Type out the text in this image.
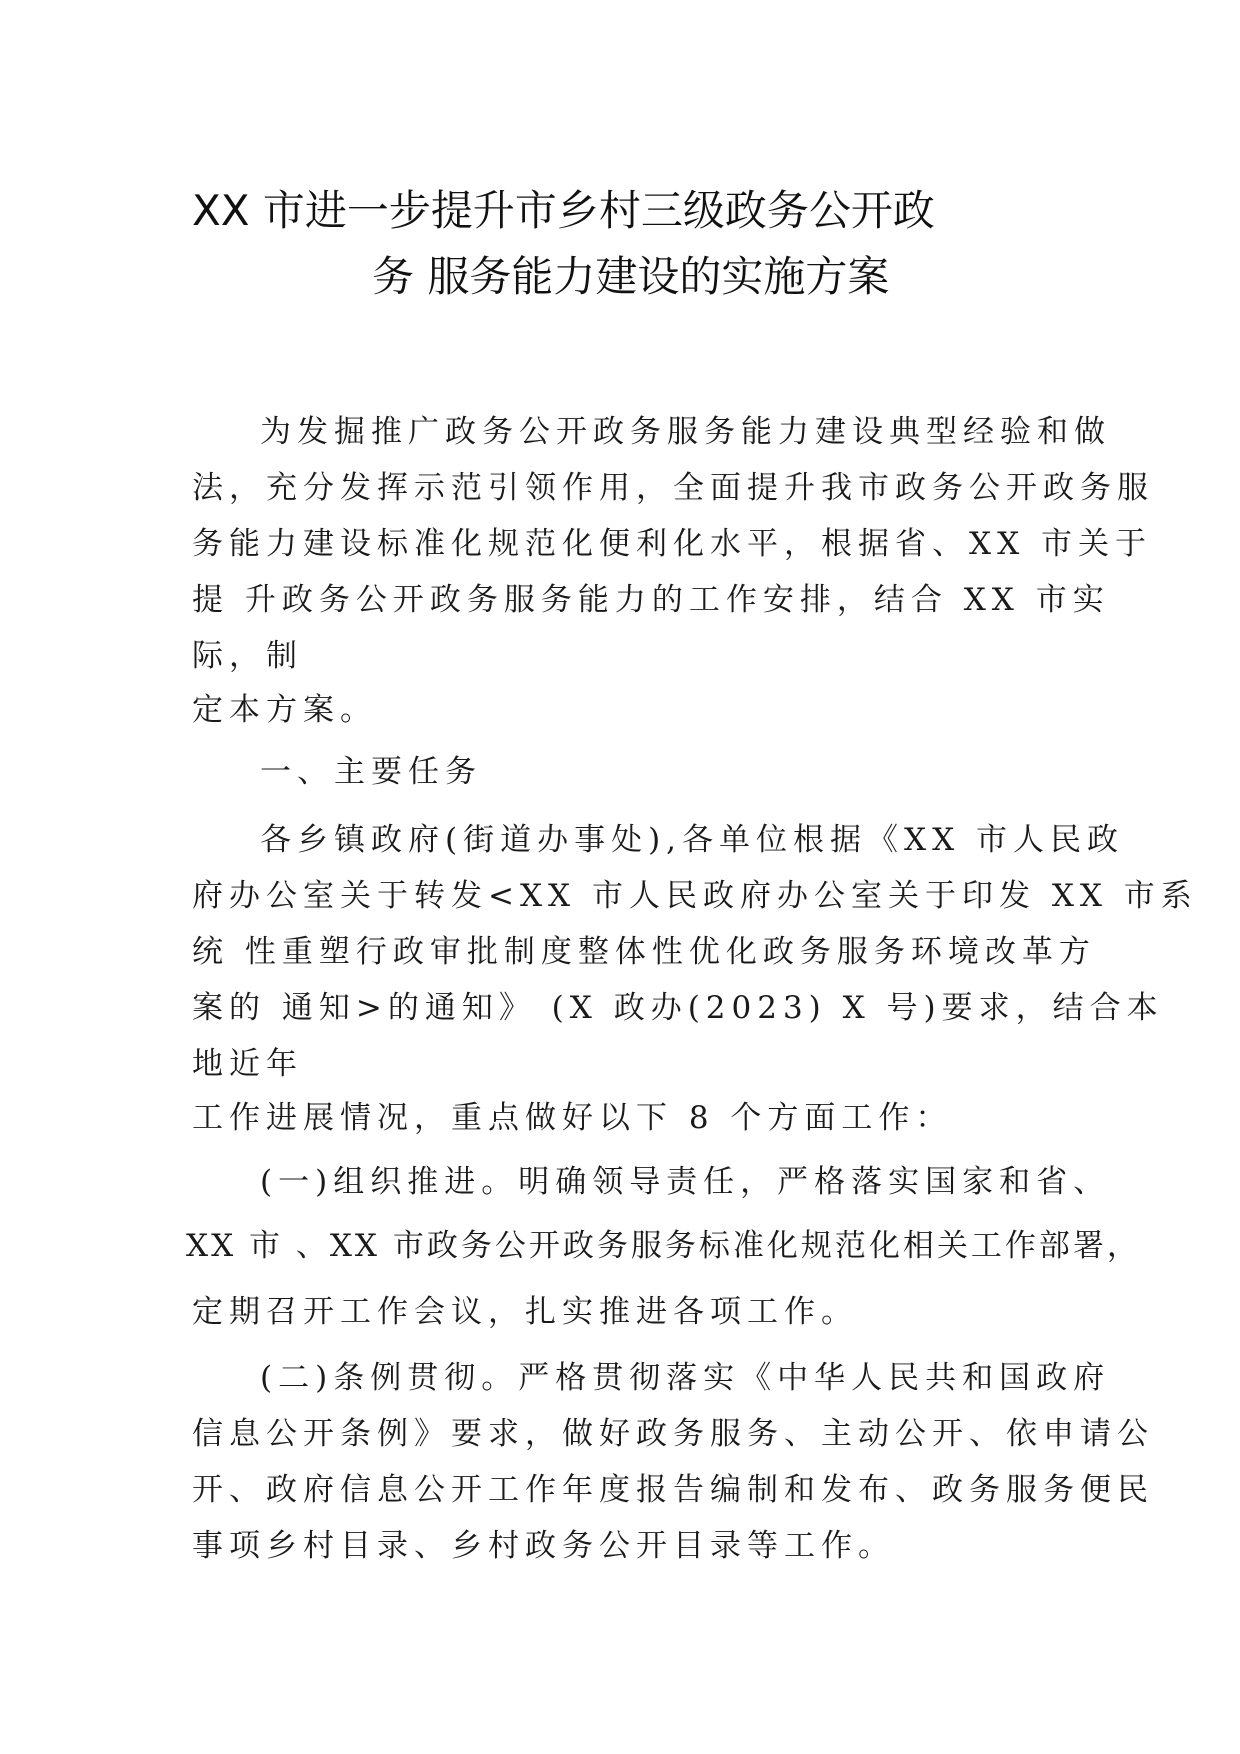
XX 市进一步提升市乡村三级政务公开政
务 服务能力建设的实施方案
为发掘推广政务公开政务服务能力建设典型经验和做
法，充分发挥示范引领作用，全面提升我市政务公开政务服
务能力建设标准化规范化便利化水平，根据省、XX 市关于
提 升政务公开政务服务能力的工作安排，结合 XX 市实
际，制
定本方案。
一、主要任务
各乡镇政府(街道办事处),各单位根据《XX 市人民政
府办公室关于转发<XX 市人民政府办公室关于印发 XX 市系
统 性重塑行政审批制度整体性优化政务服务环境改革方
案的 通知>的通知》 (X 政办(2023) X 号)要求，结合本
地近年
工作进展情况，重点做好以下 8 个方面工作：
(一)组织推进。明确领导责任，严格落实国家和省、
XX 市 、XX 市政务公开政务服务标准化规范化相关工作部署，
定期召开工作会议，扎实推进各项工作。
(二)条例贯彻。严格贯彻落实《中华人民共和国政府
信息公开条例》要求，做好政务服务、主动公开、依申请公
开、政府信息公开工作年度报告编制和发布、政务服务便民
事项乡村目录、乡村政务公开目录等工作。
